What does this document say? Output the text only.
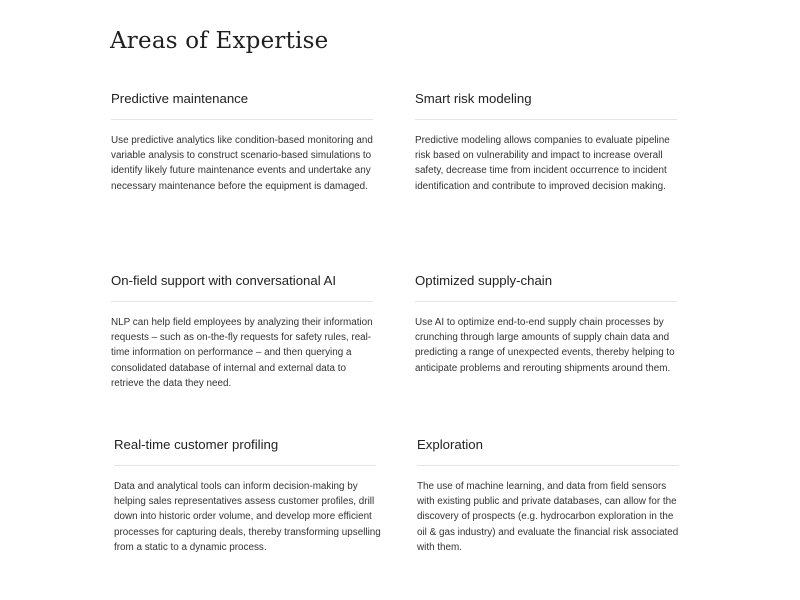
Areas of Expertise
Predictive maintenance

Use predictive analytics like condition-based monitoring and variable analysis to construct scenario-based simulations to identify likely future maintenance events and undertake any necessary maintenance before the equipment is damaged.

Smart risk modeling

Predictive modeling allows companies to evaluate pipeline risk based on vulnerability and impact to increase overall safety, decrease time from incident occurrence to incident identification and contribute to improved decision making.

On-field support with conversational AI

NLP can help field employees by analyzing their information requests – such as on-the-fly requests for safety rules, real-time information on performance – and then querying a consolidated database of internal and external data to retrieve the data they need.

Optimized supply-chain

Use AI to optimize end-to-end supply chain processes by crunching through large amounts of supply chain data and predicting a range of unexpected events, thereby helping to anticipate problems and rerouting shipments around them.

Real-time customer profiling

Data and analytical tools can inform decision-making by helping sales representatives assess customer profiles, drill down into historic order volume, and develop more efficient processes for capturing deals, thereby transforming upselling from a static to a dynamic process.

Exploration

The use of machine learning, and data from field sensors with existing public and private databases, can allow for the discovery of prospects (e.g. hydrocarbon exploration in the oil & gas industry) and evaluate the financial risk associated with them.
